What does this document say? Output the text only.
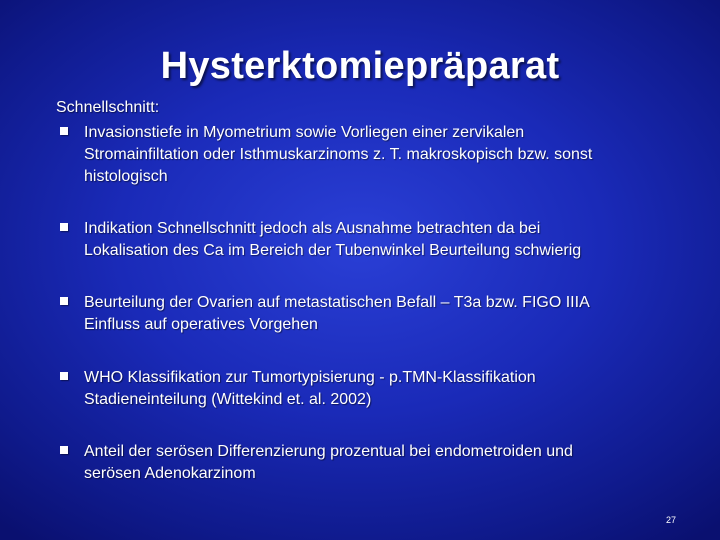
Hysterktomiepräparat
Schnellschnitt:
Invasionstiefe in Myometrium sowie Vorliegen einer zervikalen
Stromainfiltation oder Isthmuskarzinoms z. T. makroskopisch bzw. sonst
histologisch
Indikation Schnellschnitt jedoch als Ausnahme betrachten da bei
Lokalisation des Ca im Bereich der Tubenwinkel Beurteilung schwierig
Beurteilung der Ovarien auf metastatischen Befall – T3a bzw. FIGO IIIA
Einfluss auf operatives Vorgehen
WHO Klassifikation zur Tumortypisierung - p.TMN-Klassifikation
Stadieneinteilung (Wittekind et. al. 2002)
Anteil der serösen Differenzierung prozentual bei endometroiden und
serösen Adenokarzinom
27
